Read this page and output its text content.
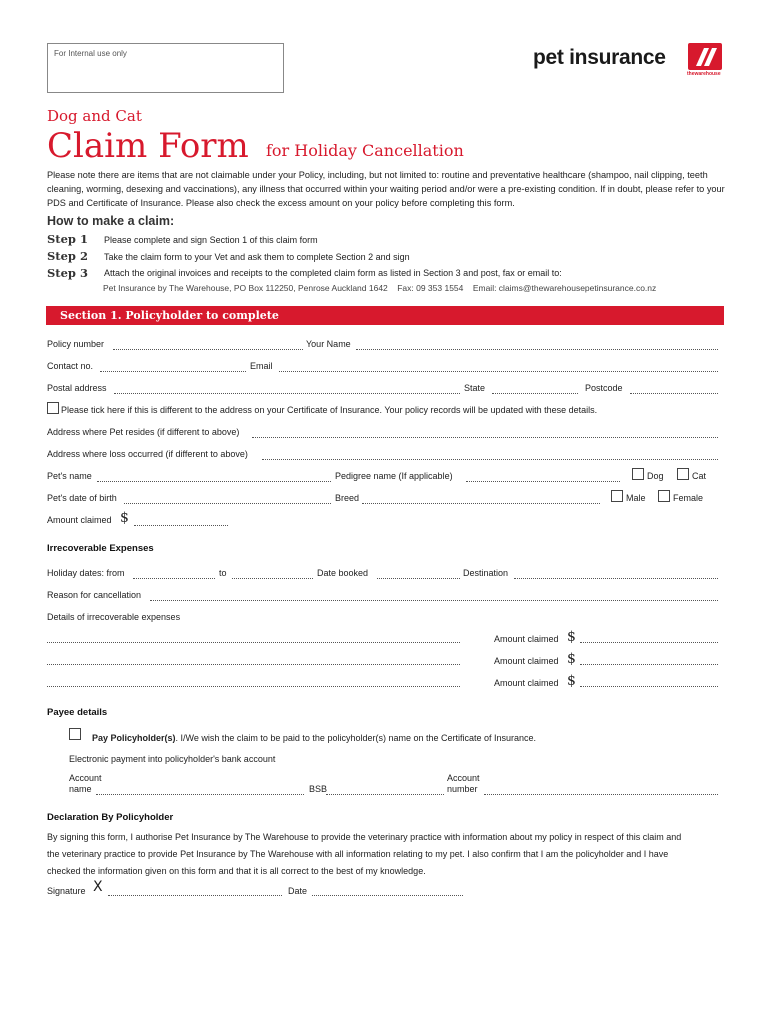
For Internal use only	pet insurance
thewarehouse
Dog and Cat
Claim Form for Holiday Cancellation
Please note there are items that are not claimable under your Policy, including, but not limited to: routine and preventative healthcare (shampoo, nail clipping, teeth cleaning, worming, desexing and vaccinations), any illness that occurred within your waiting period and/or were a pre-existing condition. If in doubt, please refer to your PDS and Certificate of Insurance. Please also check the excess amount on your policy before completing this form.
How to make a claim:
Step 1 Please complete and sign Section 1 of this claim form
Step 2 Take the claim form to your Vet and ask them to complete Section 2 and sign
Step 3 Attach the original invoices and receipts to the completed claim form as listed in Section 3 and post, fax or email to:
Pet Insurance by The Warehouse, PO Box 112250, Penrose Auckland 1642    Fax: 09 353 1554    Email: claims@thewarehousepetinsurance.co.nz
Section 1. Policyholder to complete
Policy number	Your Name
Contact no.	Email
Postal address	State	Postcode
Please tick here if this is different to the address on your Certificate of Insurance. Your policy records will be updated with these details.
Address where Pet resides (if different to above)
Address where loss occurred (if different to above)
Pet's name	Pedigree name (If applicable)	Dog	Cat
Pet's date of birth	Breed	Male	Female
Amount claimed $
Irrecoverable Expenses
Holiday dates: from	to	Date booked	Destination
Reason for cancellation
Details of irrecoverable expenses
Amount claimed $
Amount claimed $
Amount claimed $
Payee details
Pay Policyholder(s). I/We wish the claim to be paid to the policyholder(s) name on the Certificate of Insurance.
Electronic payment into policyholder's bank account
Account
name	BSB
Account
number
Declaration By Policyholder
By signing this form, I authorise Pet Insurance by The Warehouse to provide the veterinary practice with information about my policy in respect of this claim and
the veterinary practice to provide Pet Insurance by The Warehouse with all information relating to my pet. I also confirm that I am the policyholder and I have
checked the information given on this form and that it is all correct to the best of my knowledge.
Signature X	Date
